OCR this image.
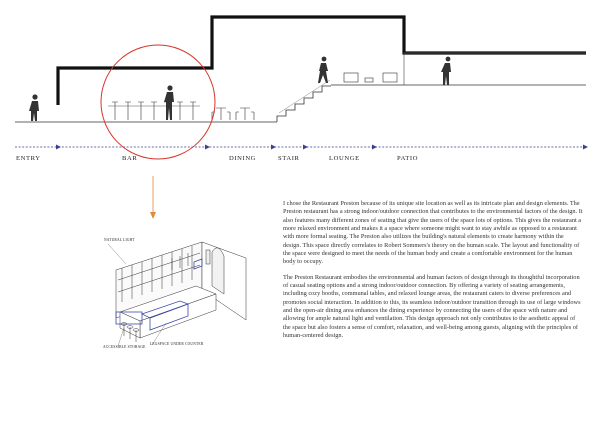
ENTRY	BAR	DINING	STAIR	LOUNGE	PATIO
NATURAL LIGHT
ACCESSIBLE STORAGE
LEGSPACE UNDER COUNTER

I chose the Restaurant Preston because of its unique site location as well as its intricate plan and design elements. The Preston restaurant has a strong indoor/outdoor connection that contributes to the environmental factors of the design. It also features many different zones of seating that give the users of the space lots of options. This gives the restaurant a more relaxed environment and makes it a space where someone might want to stay awhile as opposed to a restaurant with more formal seating. The Preston also utilizes the building's natural elements to create harmony within the design. This space directly correlates to Robert Sommers's theory on the human scale. The layout and functionality of the space were designed to meet the needs of the human body and create a comfortable environment for the human body to occupy.

The Preston Restaurant embodies the environmental and human factors of design through its thoughtful incorporation of casual seating options and a strong indoor/outdoor connection. By offering a variety of seating arrangements, including cozy booths, communal tables, and relaxed lounge areas, the restaurant caters to diverse preferences and promotes social interaction. In addition to this, its seamless indoor/outdoor transition through its use of large windows and the open-air dining area enhances the dining experience by connecting the users of the space with nature and allowing for ample natural light and ventilation. This design approach not only contributes to the aesthetic appeal of the space but also fosters a sense of comfort, relaxation, and well-being among guests, aligning with the principles of human-centered design.
